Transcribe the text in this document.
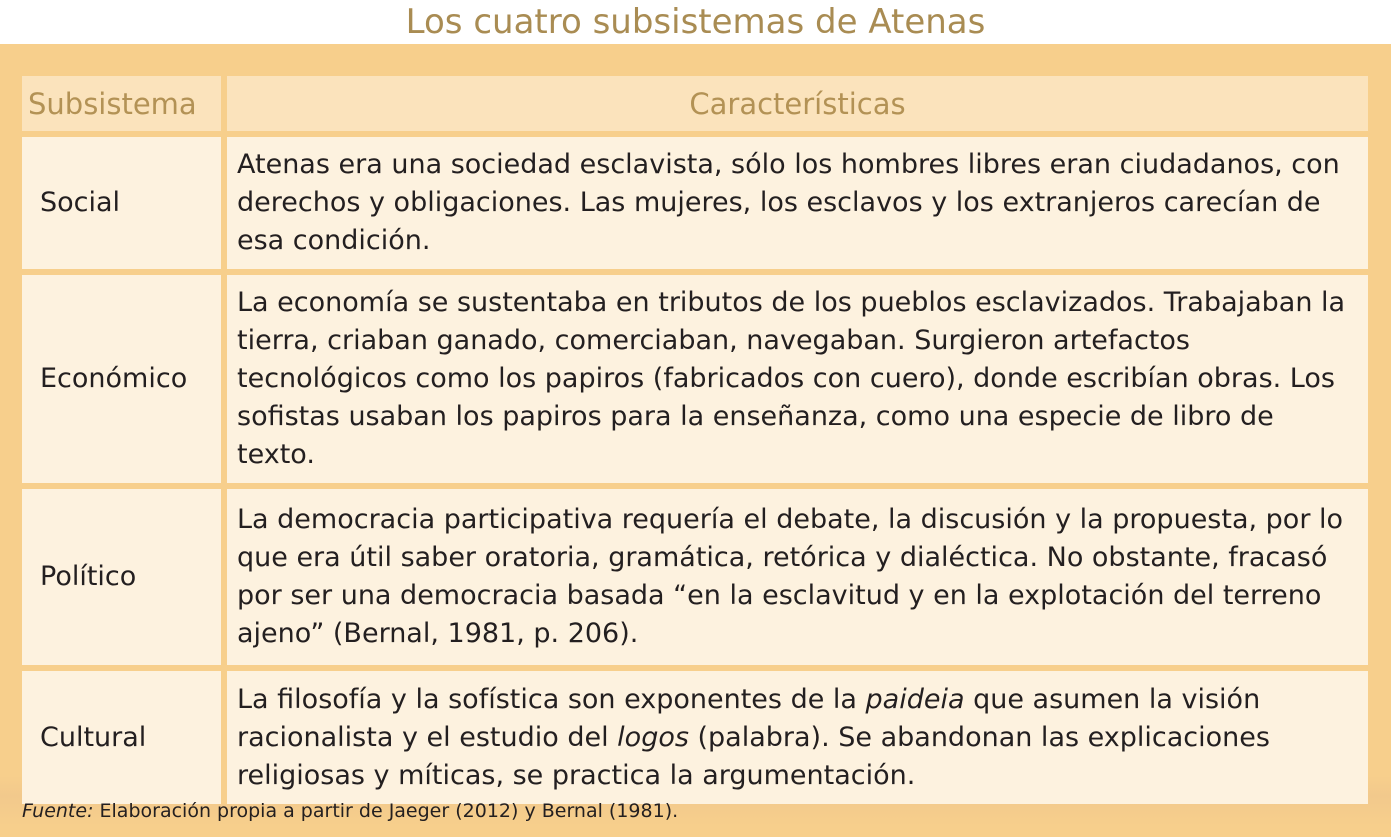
Los cuatro subsistemas de Atenas
Subsistema	Características
Social	Atenas era una sociedad esclavista, sólo los hombres libres eran ciudadanos, con derechos y obligaciones. Las mujeres, los esclavos y los extranjeros carecían de esa condición.
Económico	La economía se sustentaba en tributos de los pueblos esclavizados. Trabajaban la tierra, criaban ganado, comerciaban, navegaban. Surgieron artefactos tecnológicos como los papiros (fabricados con cuero), donde escribían obras. Los sofistas usaban los papiros para la enseñanza, como una especie de libro de texto.
Político	La democracia participativa requería el debate, la discusión y la propuesta, por lo que era útil saber oratoria, gramática, retórica y dialéctica. No obstante, fracasó por ser una democracia basada “en la esclavitud y en la explotación del terreno ajeno” (Bernal, 1981, p. 206).
Cultural	La filosofía y la sofística son exponentes de la paideia que asumen la visión racionalista y el estudio del logos (palabra). Se abandonan las explicaciones religiosas y míticas, se practica la argumentación.
Fuente: Elaboración propia a partir de Jaeger (2012) y Bernal (1981).
